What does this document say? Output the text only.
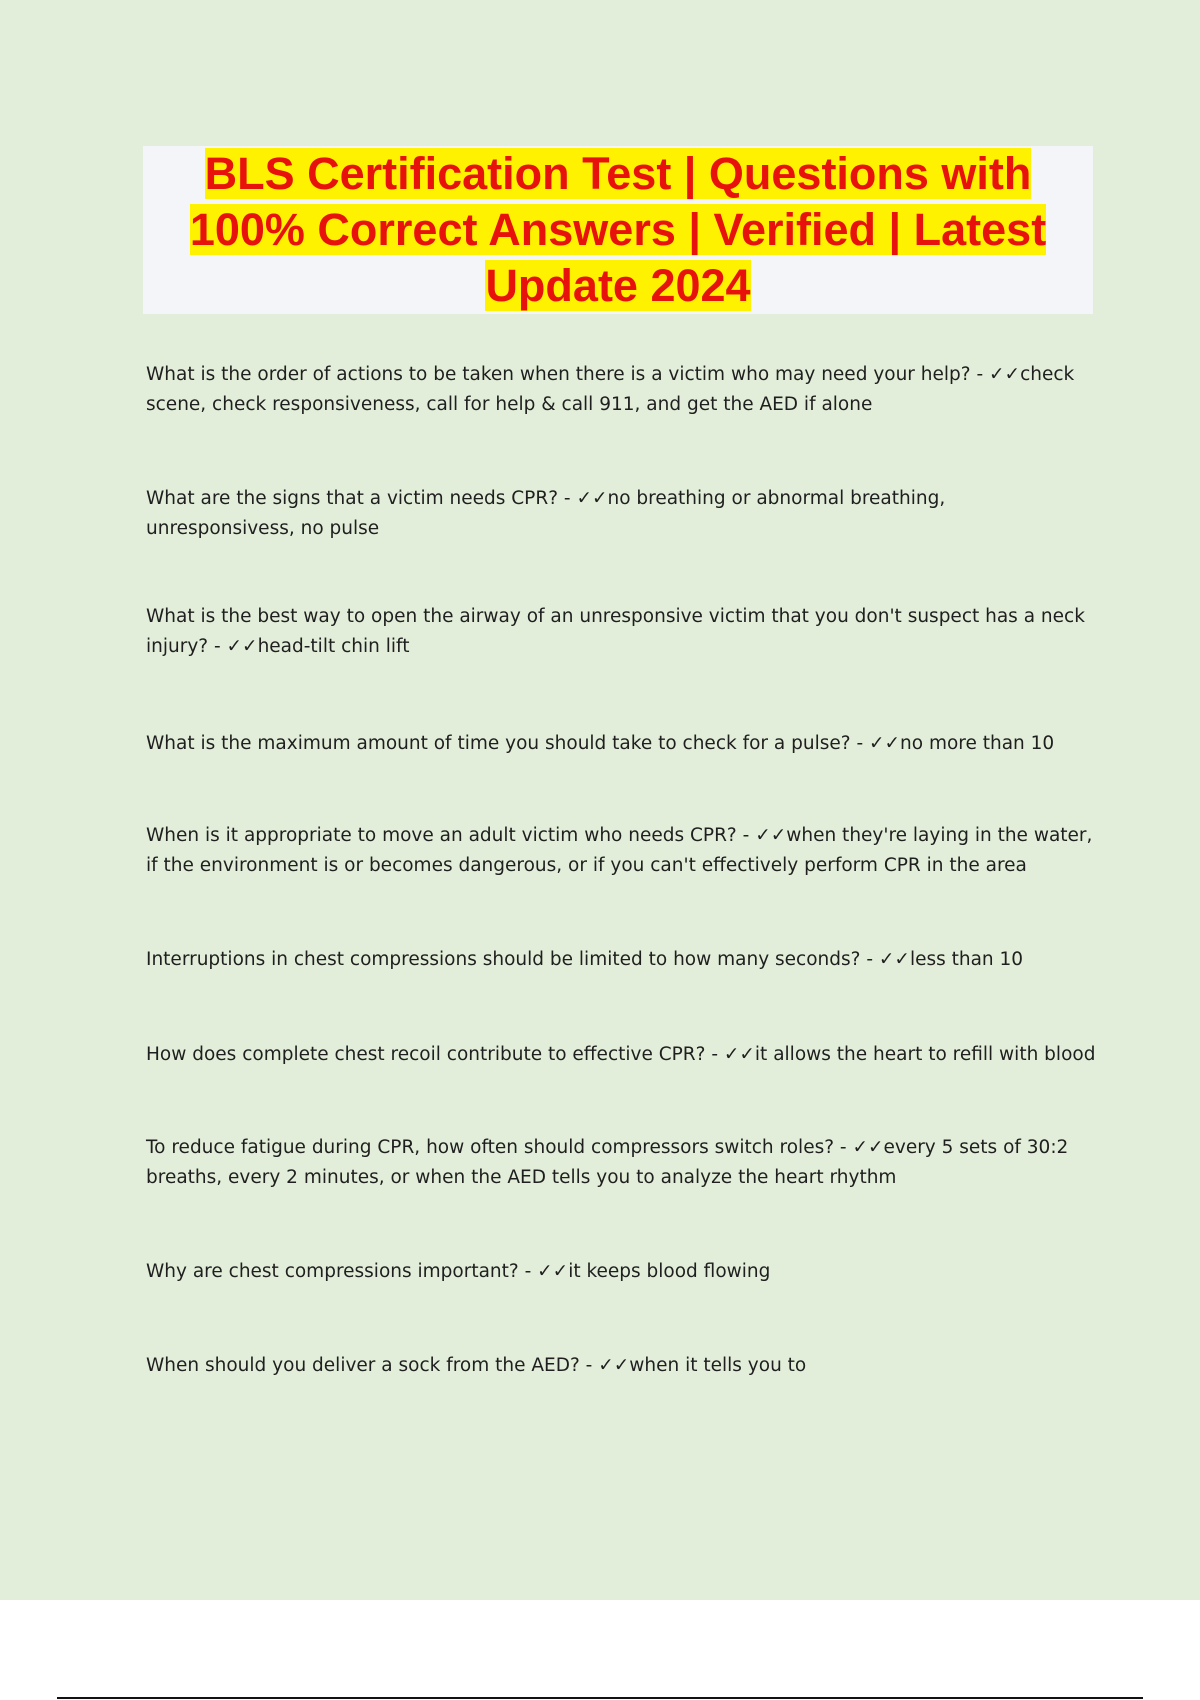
BLS Certification Test | Questions with
100% Correct Answers | Verified | Latest
Update 2024

What is the order of actions to be taken when there is a victim who may need your help? - ✓✓check scene, check responsiveness, call for help & call 911, and get the AED if alone

What are the signs that a victim needs CPR? - ✓✓no breathing or abnormal breathing, unresponsivess, no pulse

What is the best way to open the airway of an unresponsive victim that you don't suspect has a neck injury? - ✓✓head-tilt chin lift

What is the maximum amount of time you should take to check for a pulse? - ✓✓no more than 10

When is it appropriate to move an adult victim who needs CPR? - ✓✓when they're laying in the water, if the environment is or becomes dangerous, or if you can't effectively perform CPR in the area

Interruptions in chest compressions should be limited to how many seconds? - ✓✓less than 10

How does complete chest recoil contribute to effective CPR? - ✓✓it allows the heart to refill with blood

To reduce fatigue during CPR, how often should compressors switch roles? - ✓✓every 5 sets of 30:2 breaths, every 2 minutes, or when the AED tells you to analyze the heart rhythm

Why are chest compressions important? - ✓✓it keeps blood flowing

When should you deliver a sock from the AED? - ✓✓when it tells you to
